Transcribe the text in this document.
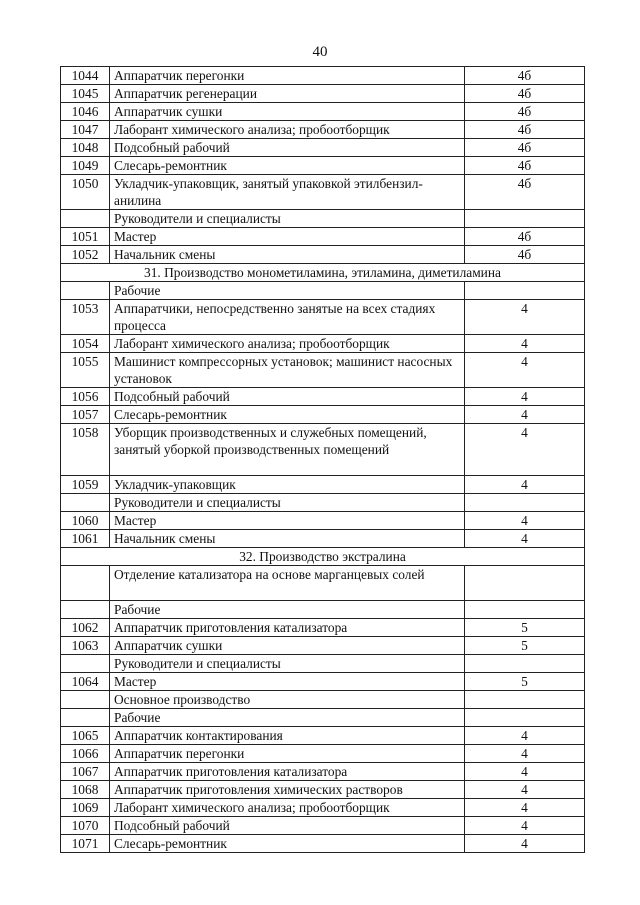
40
1044	Аппаратчик перегонки	4б
1045	Аппаратчик регенерации	4б
1046	Аппаратчик сушки	4б
1047	Лаборант химического анализа; пробоотборщик	4б
1048	Подсобный рабочий	4б
1049	Слесарь-ремонтник	4б
1050	Укладчик-упаковщик, занятый упаковкой этилбензил-анилина	4б
	Руководители и специалисты	
1051	Мастер	4б
1052	Начальник смены	4б
31. Производство монометиламина, этиламина, диметиламина		
	Рабочие	
1053	Аппаратчики, непосредственно занятые на всех стадиях процесса	4
1054	Лаборант химического анализа; пробоотборщик	4
1055	Машинист компрессорных установок; машинист насосных установок	4
1056	Подсобный рабочий	4
1057	Слесарь-ремонтник	4
1058	Уборщик производственных и служебных помещений, занятый уборкой производственных помещений	4
1059	Укладчик-упаковщик	4
	Руководители и специалисты	
1060	Мастер	4
1061	Начальник смены	4
32. Производство экстралина		
	Отделение катализатора на основе марганцевых солей	
	Рабочие	
1062	Аппаратчик приготовления катализатора	5
1063	Аппаратчик сушки	5
	Руководители и специалисты	
1064	Мастер	5
	Основное производство	
	Рабочие	
1065	Аппаратчик контактирования	4
1066	Аппаратчик перегонки	4
1067	Аппаратчик приготовления катализатора	4
1068	Аппаратчик приготовления химических растворов	4
1069	Лаборант химического анализа; пробоотборщик	4
1070	Подсобный рабочий	4
1071	Слесарь-ремонтник	4
